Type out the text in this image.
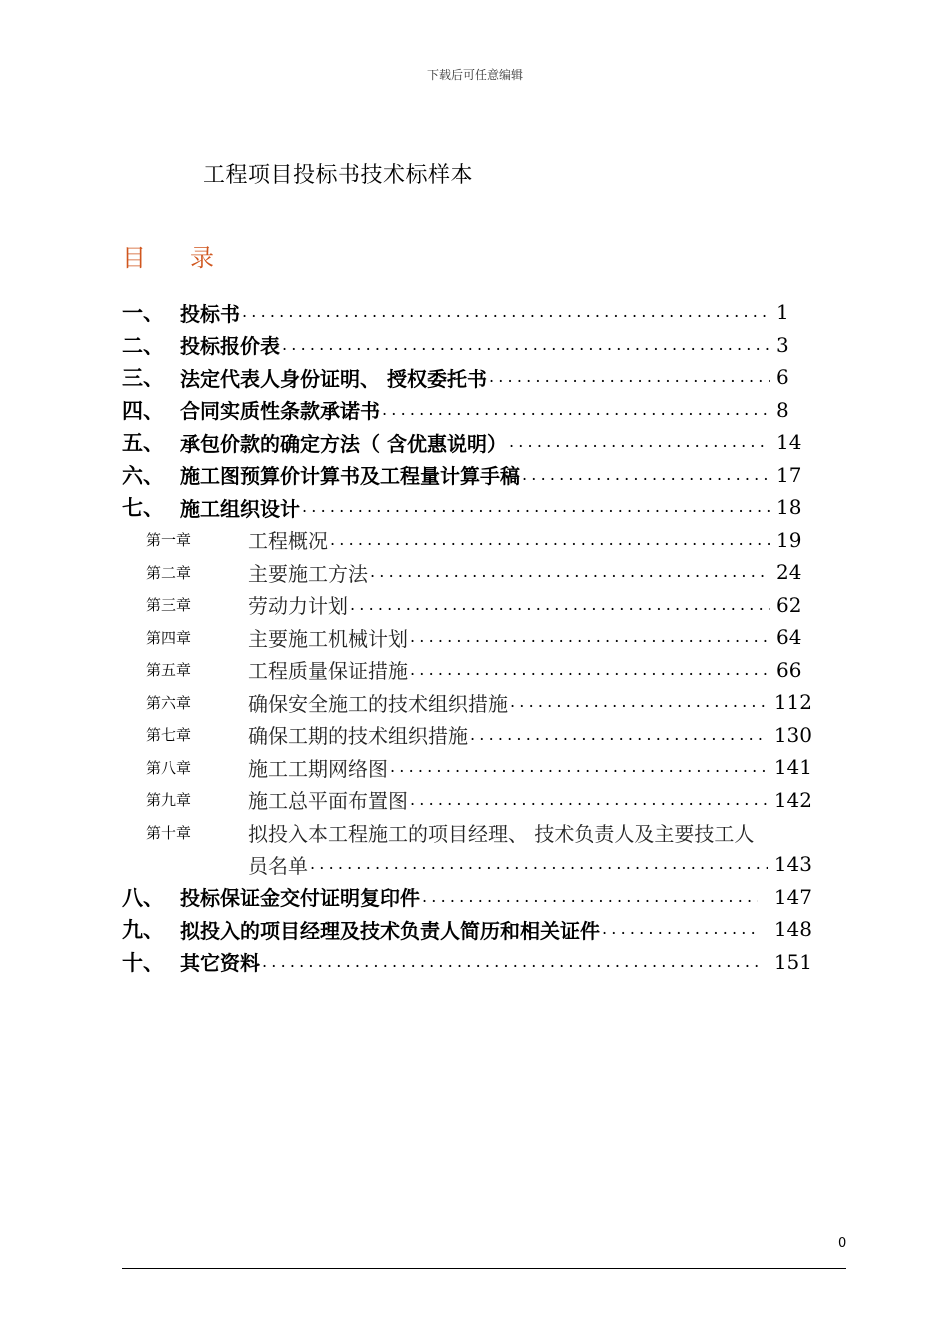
下载后可任意编辑
工程项目投标书技术标样本
目 录
一、 投标书 .....	1
二、 投标报价表 .....	3
三、 法定代表人身份证明、 授权委托书 .....	6
四、 合同实质性条款承诺书 .....	8
五、 承包价款的确定方法（ 含优惠说明） .....	14
六、 施工图预算价计算书及工程量计算手稿 .....	17
七、 施工组织设计 .....	18
第一章	工程概况 .....	19
第二章	主要施工方法 .....	24
第三章	劳动力计划 .....	62
第四章	主要施工机械计划 .....	64
第五章	工程质量保证措施 .....	66
第六章	确保安全施工的技术组织措施 .....	112
第七章	确保工期的技术组织措施 .....	130
第八章	施工工期网络图 .....	141
第九章	施工总平面布置图 .....	142
第十章	拟投入本工程施工的项目经理、 技术负责人及主要技工人
员名单 .....	143
八、 投标保证金交付证明复印件 .....	147
九、 拟投入的项目经理及技术负责人简历和相关证件 .....	148
十、 其它资料 .....	151
0
